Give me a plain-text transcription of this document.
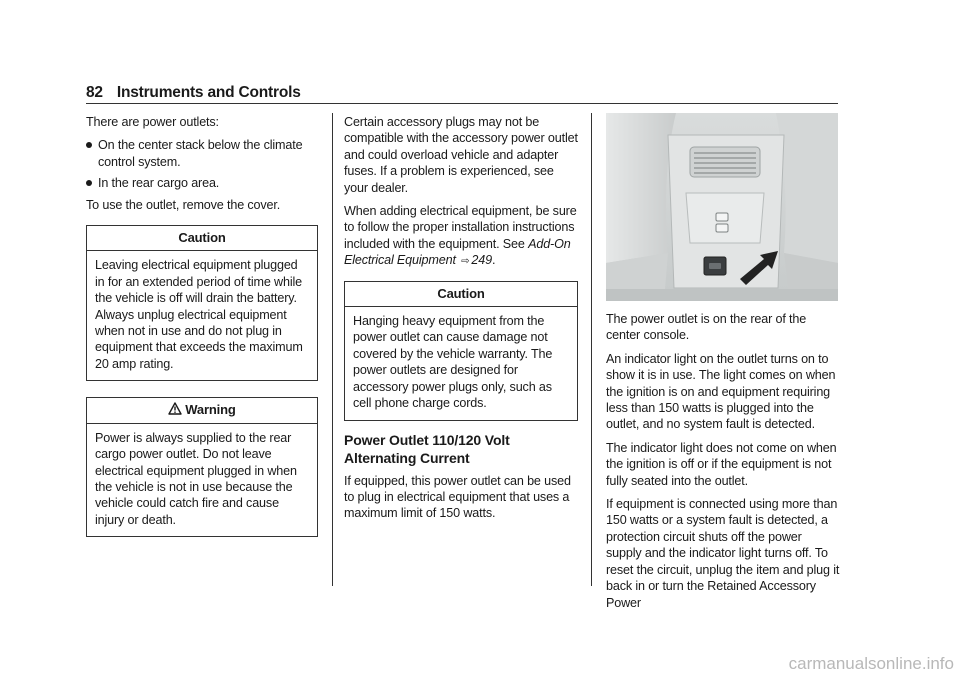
82 Instruments and Controls

There are power outlets:

On the center stack below the climate control system.
In the rear cargo area.

To use the outlet, remove the cover.

Caution
Leaving electrical equipment plugged in for an extended period of time while the vehicle is off will drain the battery. Always unplug electrical equipment when not in use and do not plug in equipment that exceeds the maximum 20 amp rating.
Warning
Power is always supplied to the rear cargo power outlet. Do not leave electrical equipment plugged in when the vehicle is not in use because the vehicle could catch fire and cause injury or death.

Certain accessory plugs may not be compatible with the accessory power outlet and could overload vehicle and adapter fuses. If a problem is experienced, see your dealer.

When adding electrical equipment, be sure to follow the proper installation instructions included with the equipment. See Add-On Electrical Equipment ⇨ 249.

Caution
Hanging heavy equipment from the power outlet can cause damage not covered by the vehicle warranty. The power outlets are designed for accessory power plugs only, such as cell phone charge cords.
Power Outlet 110/120 Volt Alternating Current

If equipped, this power outlet can be used to plug in electrical equipment that uses a maximum limit of 150 watts.

The power outlet is on the rear of the center console.

An indicator light on the outlet turns on to show it is in use. The light comes on when the ignition is on and equipment requiring less than 150 watts is plugged into the outlet, and no system fault is detected.

The indicator light does not come on when the ignition is off or if the equipment is not fully seated into the outlet.

If equipment is connected using more than 150 watts or a system fault is detected, a protection circuit shuts off the power supply and the indicator light turns off. To reset the circuit, unplug the item and plug it back in or turn the Retained Accessory Power

carmanualsonline.info
